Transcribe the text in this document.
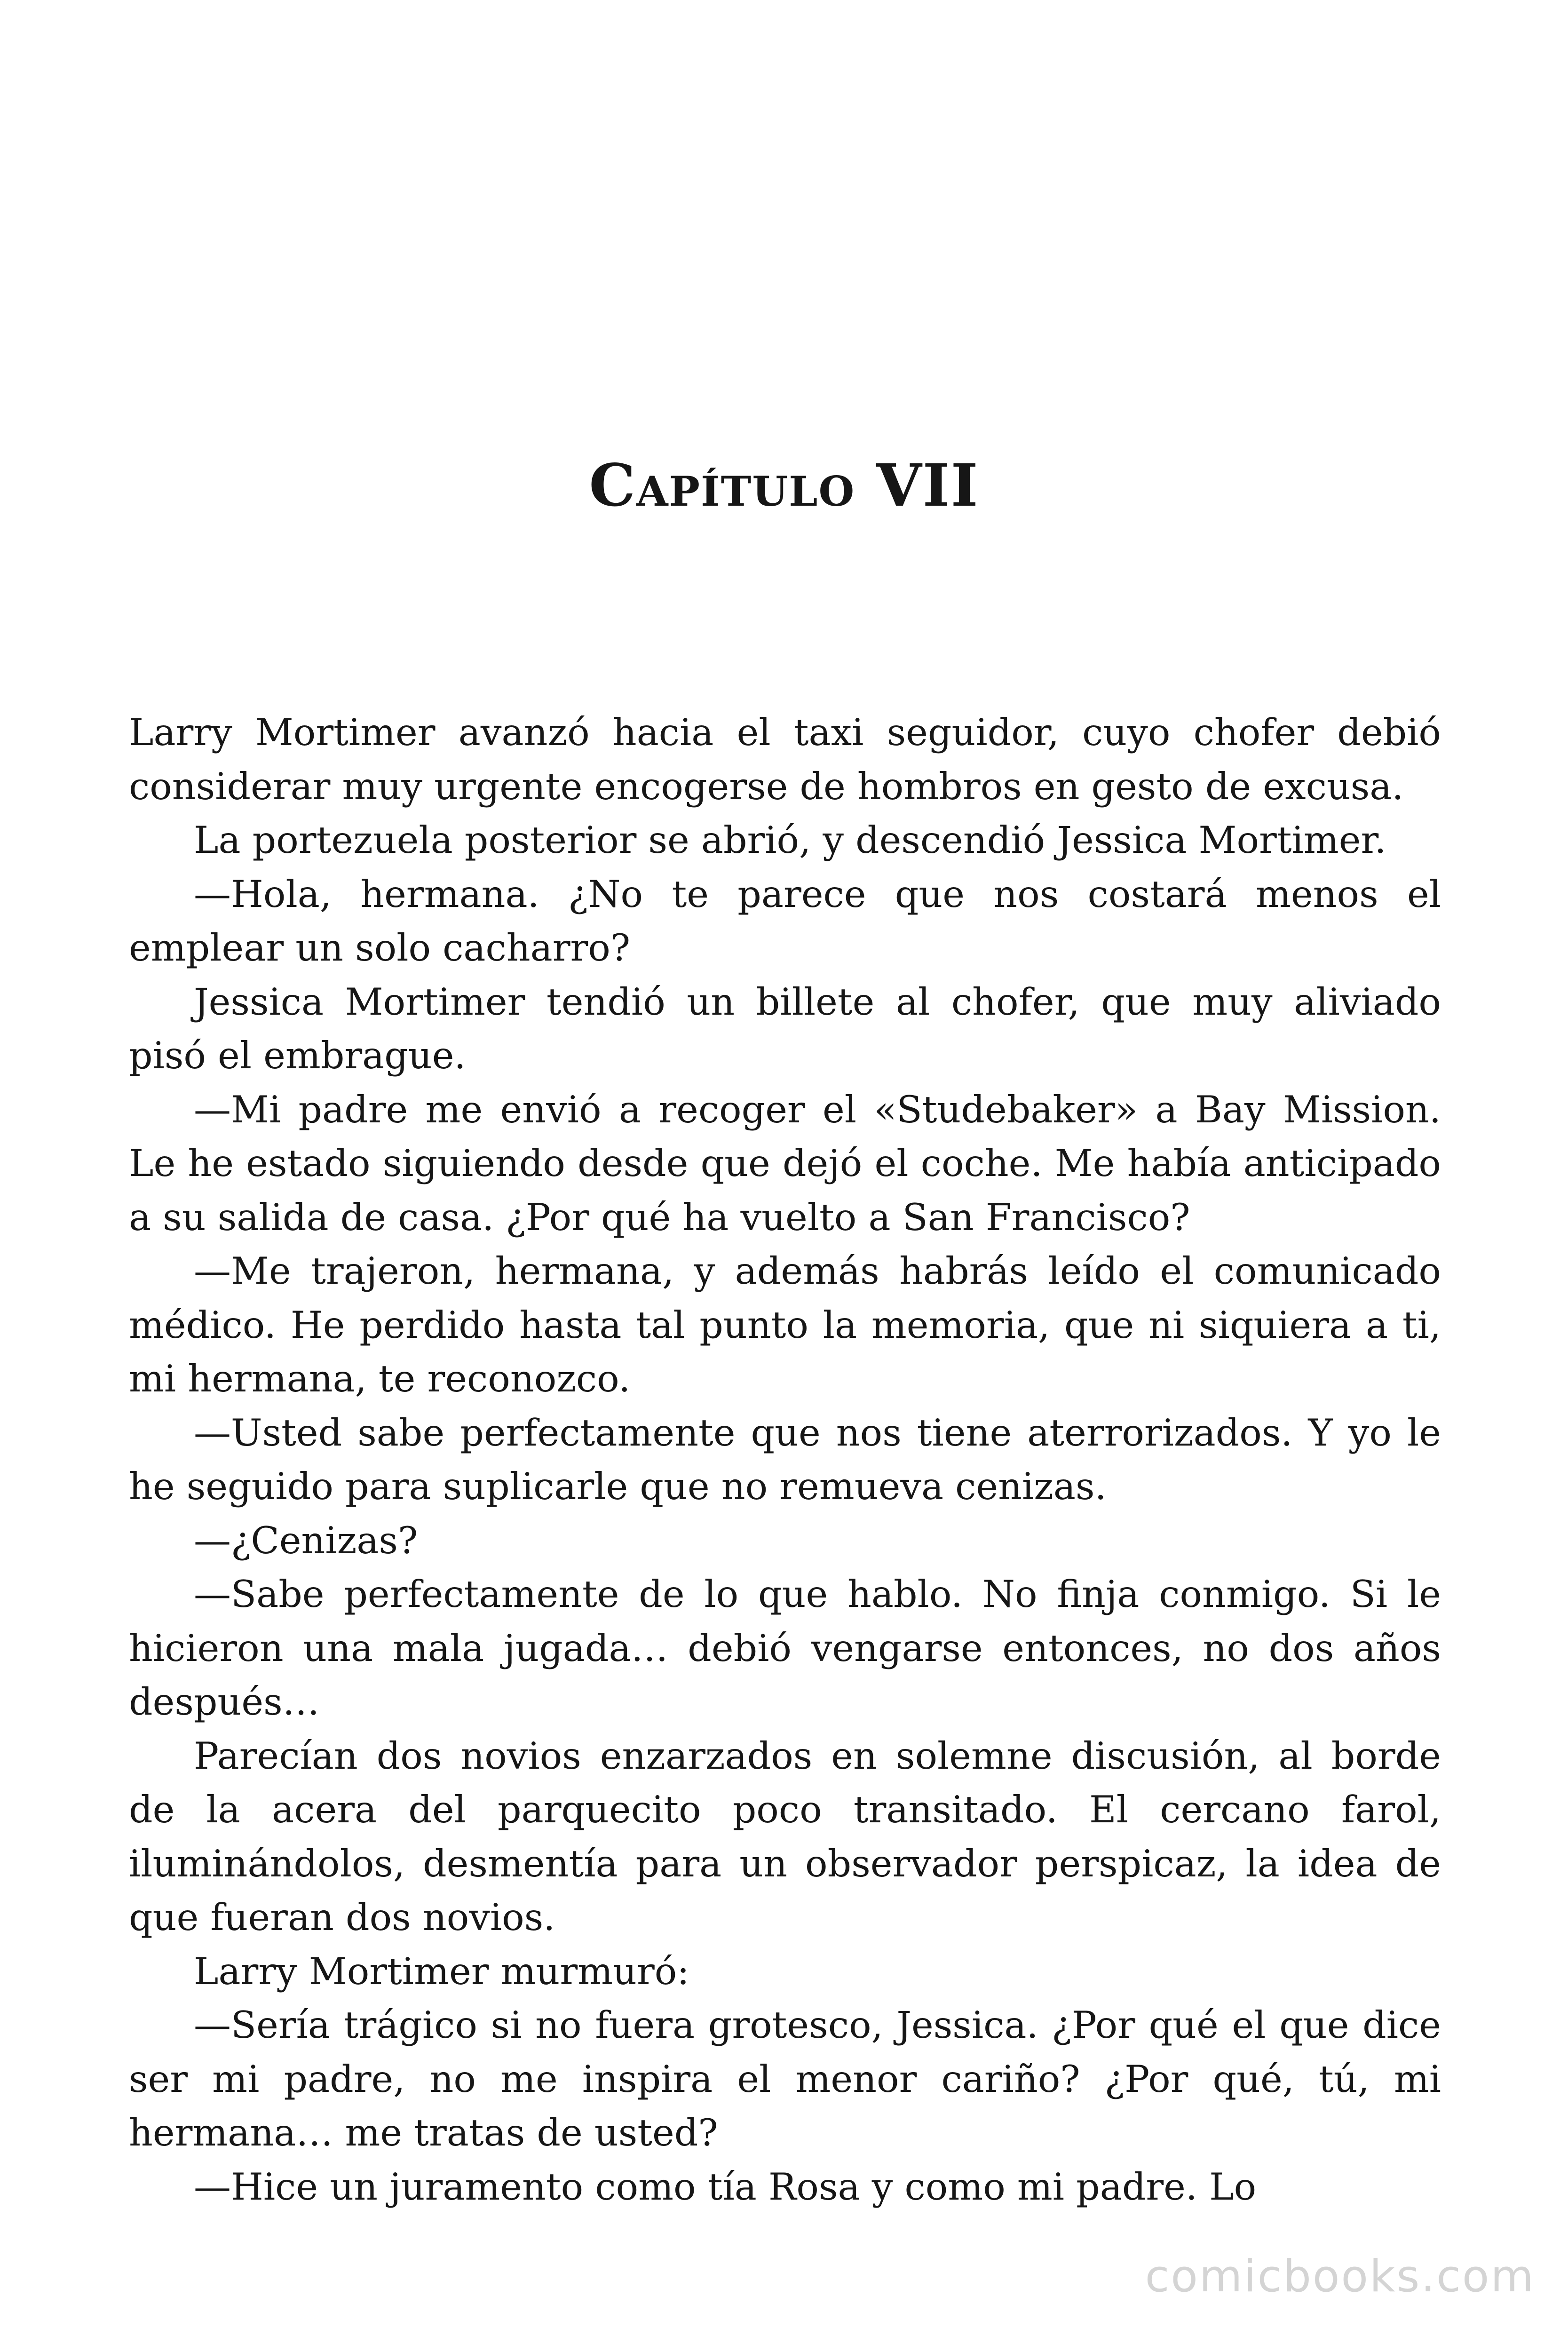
Capítulo VII

Larry Mortimer avanzó hacia el taxi seguidor, cuyo chofer debió considerar muy urgente encogerse de hombros en gesto de excusa.

La portezuela posterior se abrió, y descendió Jessica Mortimer.

—Hola, hermana. ¿No te parece que nos costará menos el emplear un solo cacharro?

Jessica Mortimer tendió un billete al chofer, que muy aliviado pisó el embrague.

—Mi padre me envió a recoger el «Studebaker» a Bay Mission. Le he estado siguiendo desde que dejó el coche. Me había anticipado a su salida de casa. ¿Por qué ha vuelto a San Francisco?

—Me trajeron, hermana, y además habrás leído el comunicado médico. He perdido hasta tal punto la memoria, que ni siquiera a ti, mi hermana, te reconozco.

—Usted sabe perfectamente que nos tiene aterrorizados. Y yo le he seguido para suplicarle que no remueva cenizas.

—¿Cenizas?

—Sabe perfectamente de lo que hablo. No finja conmigo. Si le hicieron una mala jugada… debió vengarse entonces, no dos años después…

Parecían dos novios enzarzados en solemne discusión, al borde de la acera del parquecito poco transitado. El cercano farol, iluminándolos, desmentía para un observador perspicaz, la idea de que fueran dos novios.

Larry Mortimer murmuró:

—Sería trágico si no fuera grotesco, Jessica. ¿Por qué el que dice ser mi padre, no me inspira el menor cariño? ¿Por qué, tú, mi hermana… me tratas de usted?

—Hice un juramento como tía Rosa y como mi padre. Lo

comicbooks.com
